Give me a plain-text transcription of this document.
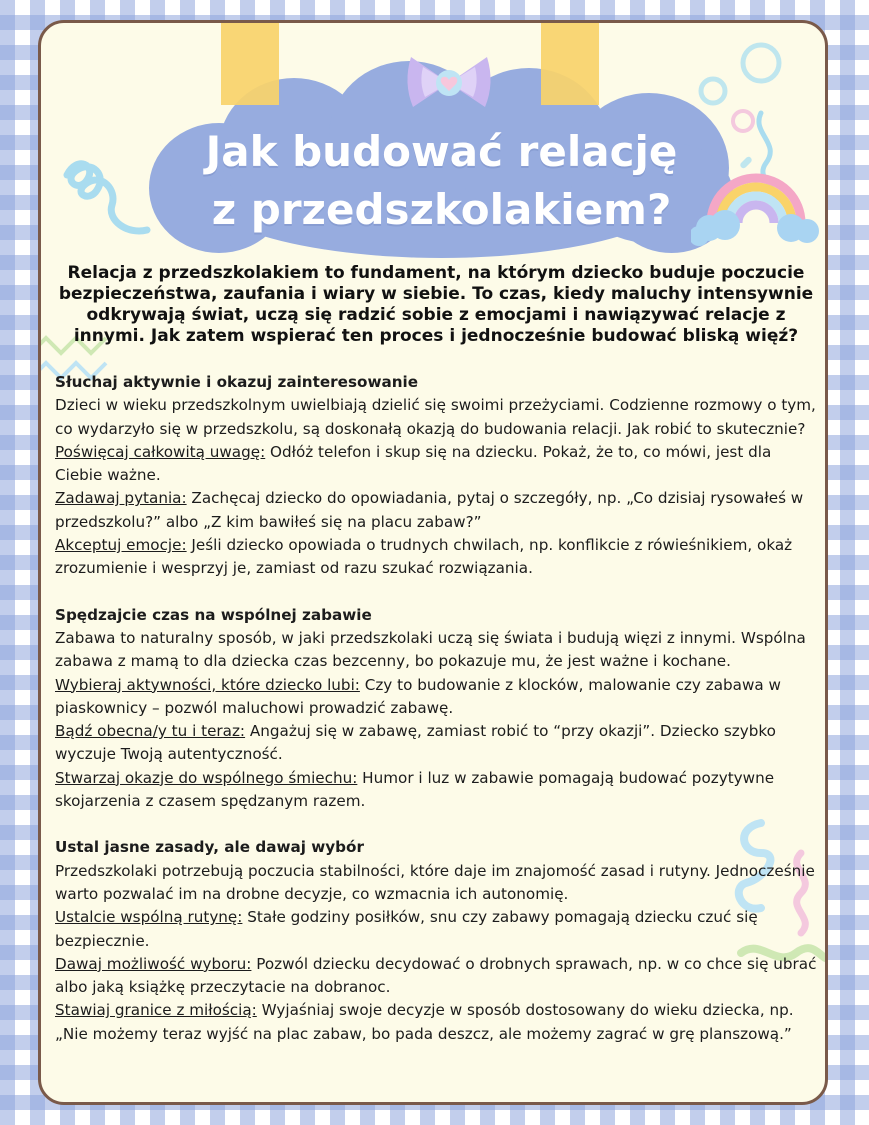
Jak budować relację
z przedszkolakiem?

Relacja z przedszkolakiem to fundament, na którym dziecko buduje poczucie bezpieczeństwa, zaufania i wiary w siebie. To czas, kiedy maluchy intensywnie odkrywają świat, uczą się radzić sobie z emocjami i nawiązywać relacje z innymi. Jak zatem wspierać ten proces i jednocześnie budować bliską więź?

Słuchaj aktywnie i okazuj zainteresowanie

Dzieci w wieku przedszkolnym uwielbiają dzielić się swoimi przeżyciami. Codzienne rozmowy o tym, co wydarzyło się w przedszkolu, są doskonałą okazją do budowania relacji. Jak robić to skutecznie?

Poświęcaj całkowitą uwagę: Odłóż telefon i skup się na dziecku. Pokaż, że to, co mówi, jest dla Ciebie ważne.

Zadawaj pytania: Zachęcaj dziecko do opowiadania, pytaj o szczegóły, np. „Co dzisiaj rysowałeś w przedszkolu?” albo „Z kim bawiłeś się na placu zabaw?”

Akceptuj emocje: Jeśli dziecko opowiada o trudnych chwilach, np. konflikcie z rówieśnikiem, okaż zrozumienie i wesprzyj je, zamiast od razu szukać rozwiązania.

Spędzajcie czas na wspólnej zabawie

Zabawa to naturalny sposób, w jaki przedszkolaki uczą się świata i budują więzi z innymi. Wspólna zabawa z mamą to dla dziecka czas bezcenny, bo pokazuje mu, że jest ważne i kochane.

Wybieraj aktywności, które dziecko lubi: Czy to budowanie z klocków, malowanie czy zabawa w piaskownicy – pozwól maluchowi prowadzić zabawę.

Bądź obecna/y tu i teraz: Angażuj się w zabawę, zamiast robić to “przy okazji”. Dziecko szybko wyczuje Twoją autentyczność.

Stwarzaj okazje do wspólnego śmiechu: Humor i luz w zabawie pomagają budować pozytywne skojarzenia z czasem spędzanym razem.

Ustal jasne zasady, ale dawaj wybór

Przedszkolaki potrzebują poczucia stabilności, które daje im znajomość zasad i rutyny. Jednocześnie warto pozwalać im na drobne decyzje, co wzmacnia ich autonomię.

Ustalcie wspólną rutynę: Stałe godziny posiłków, snu czy zabawy pomagają dziecku czuć się bezpiecznie.

Dawaj możliwość wyboru: Pozwól dziecku decydować o drobnych sprawach, np. w co chce się ubrać albo jaką książkę przeczytacie na dobranoc.

Stawiaj granice z miłością: Wyjaśniaj swoje decyzje w sposób dostosowany do wieku dziecka, np. „Nie możemy teraz wyjść na plac zabaw, bo pada deszcz, ale możemy zagrać w grę planszową.”
